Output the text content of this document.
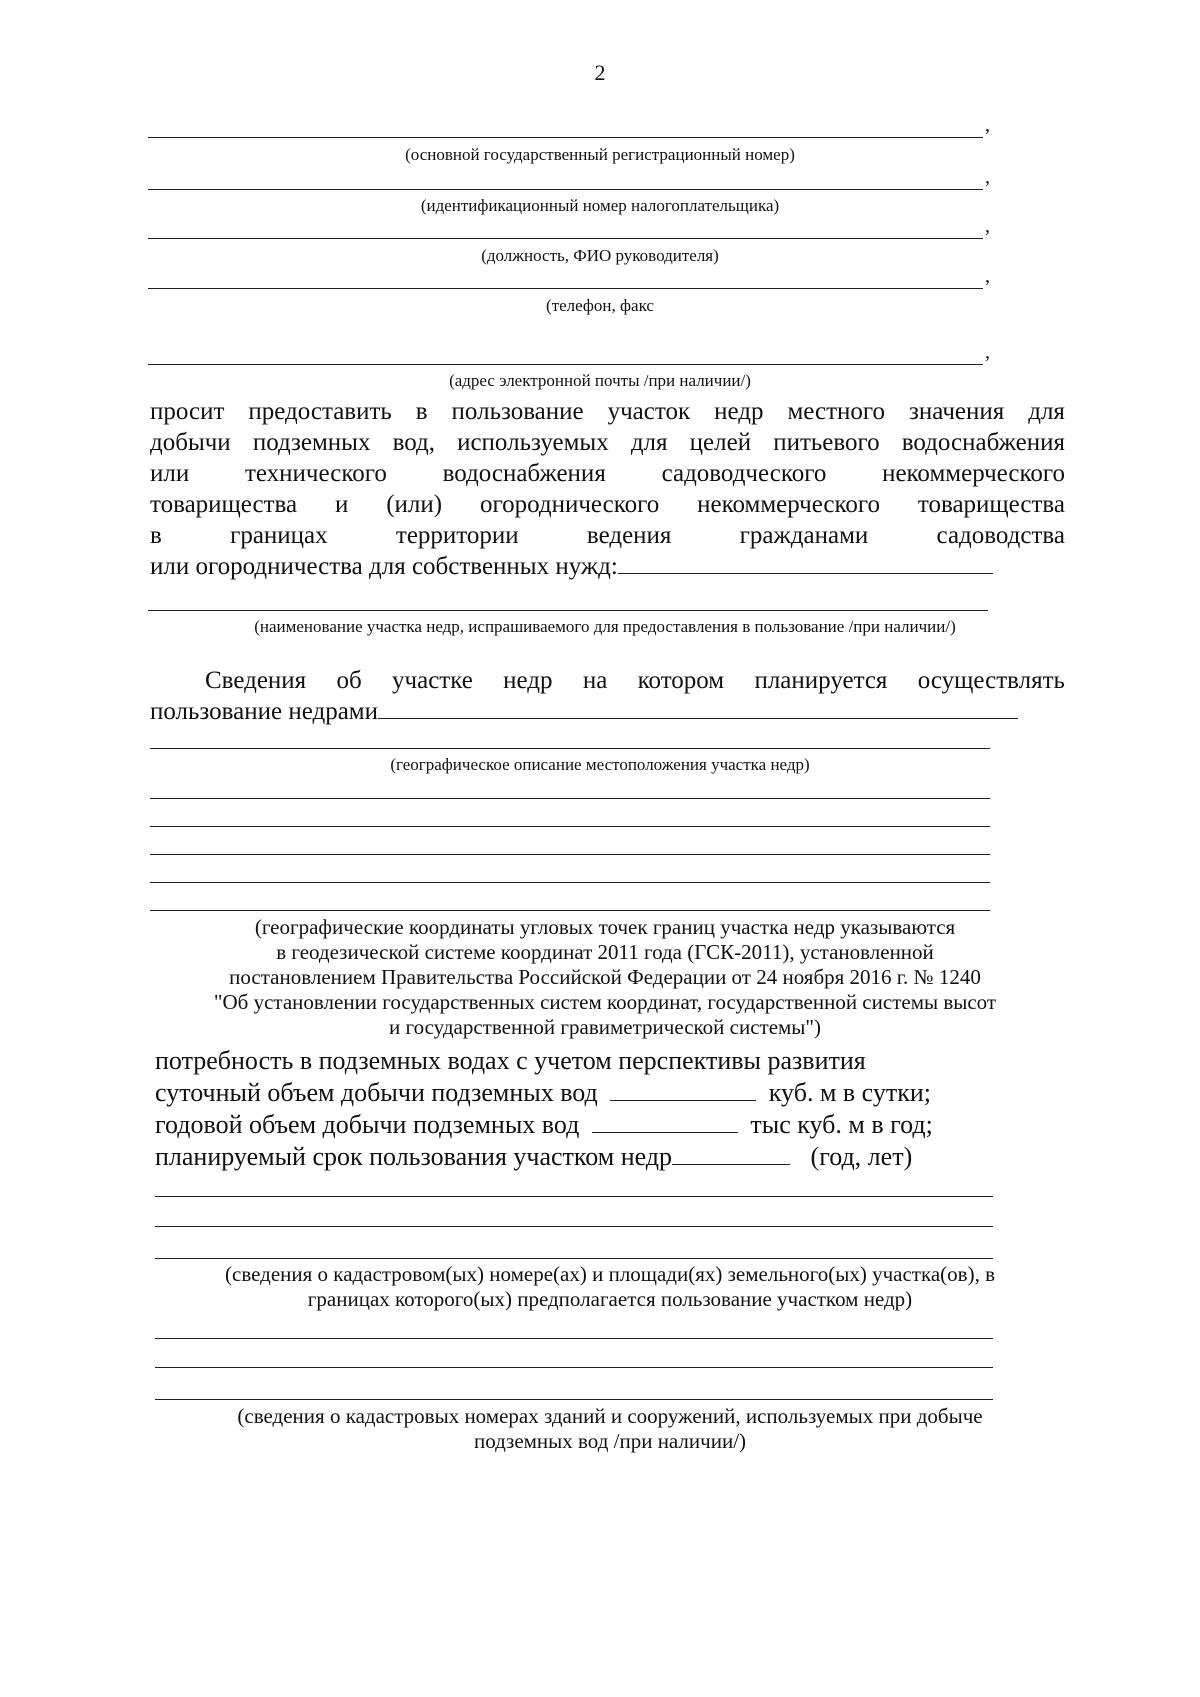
2
,
(основной государственный регистрационный номер)
,
(идентификационный номер налогоплательщика)
,
(должность, ФИО руководителя)
,
(телефон, факс
,
(адрес электронной почты /при наличии/)
просит предоставить в пользование участок недр местного значения для
добычи подземных вод, используемых для целей питьевого водоснабжения
или технического водоснабжения садоводческого некоммерческого
товарищества и (или) огороднического некоммерческого товарищества
в	границах	территории	ведения	гражданами	садоводства
или огородничества для собственных нужд:
(наименование участка недр, испрашиваемого для предоставления в пользование /при наличии/)
Сведения об участке недр на котором планируется осуществлять
пользование недрами
(географическое описание местоположения участка недр)
(географические координаты угловых точек границ участка недр указываются
в геодезической системе координат 2011 года (ГСК-2011), установленной
постановлением Правительства Российской Федерации от 24 ноября 2016 г. № 1240
"Об установлении государственных систем координат, государственной системы высот
и государственной гравиметрической системы")
потребность в подземных водах с учетом перспективы развития
суточный объем добычи подземных вод	куб. м в сутки;
годовой объем добычи подземных вод	тыс куб. м в год;
планируемый срок пользования участком недр	(год, лет)
(сведения о кадастровом(ых) номере(ах) и площади(ях) земельного(ых) участка(ов), в
границах которого(ых) предполагается пользование участком недр)
(сведения о кадастровых номерах зданий и сооружений, используемых при добыче
подземных вод /при наличии/)
